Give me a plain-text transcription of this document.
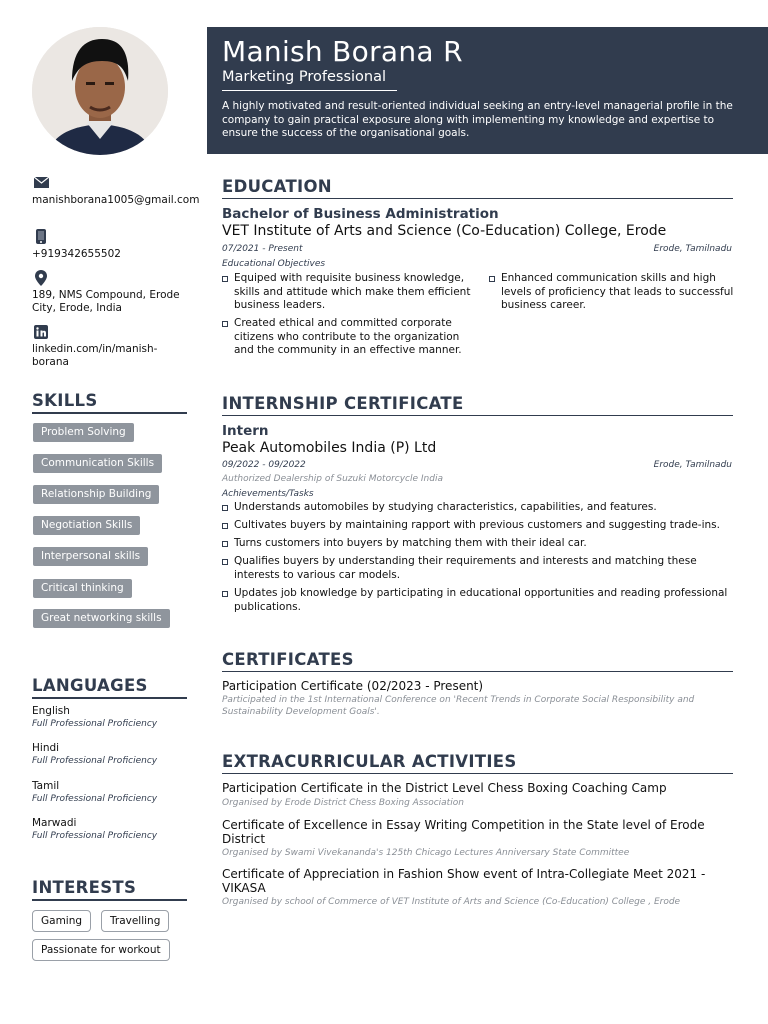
Manish Borana R
Marketing Professional
A highly motivated and result-oriented individual seeking an entry-level managerial profile in the company to gain practical exposure along with implementing my knowledge and expertise to ensure the success of the organisational goals.
manishborana1005@gmail.com
+919342655502
189, NMS Compound, Erode City, Erode, India
linkedin.com/in/manish-borana
SKILLS
Problem Solving
Communication Skills
Relationship Building
Negotiation Skills
Interpersonal skills
Critical thinking
Great networking skills
LANGUAGES
English
Full Professional Proficiency
Hindi
Full Professional Proficiency
Tamil
Full Professional Proficiency
Marwadi
Full Professional Proficiency
INTERESTS
Gaming	Travelling
Passionate for workout
EDUCATION
Bachelor of Business Administration
VET Institute of Arts and Science (Co-Education) College, Erode
07/2021 - Present	Erode, Tamilnadu
Educational Objectives
Equiped with requisite business knowledge, skills and attitude which make them efficient business leaders.
Created ethical and committed corporate citizens who contribute to the organization and the community in an effective manner.
Enhanced communication skills and high levels of proficiency that leads to successful business career.
INTERNSHIP CERTIFICATE
Intern
Peak Automobiles India (P) Ltd
09/2022 - 09/2022	Erode, Tamilnadu
Authorized Dealership of Suzuki Motorcycle India
Achievements/Tasks
Understands automobiles by studying characteristics, capabilities, and features.
Cultivates buyers by maintaining rapport with previous customers and suggesting trade-ins.
Turns customers into buyers by matching them with their ideal car.
Qualifies buyers by understanding their requirements and interests and matching these interests to various car models.
Updates job knowledge by participating in educational opportunities and reading professional publications.
CERTIFICATES
Participation Certificate (02/2023 - Present)
Participated in the 1st International Conference on 'Recent Trends in Corporate Social Responsibility and Sustainability Development Goals'.
EXTRACURRICULAR ACTIVITIES
Participation Certificate in the District Level Chess Boxing Coaching Camp
Organised by Erode District Chess Boxing Association
Certificate of Excellence in Essay Writing Competition in the State level of Erode District
Organised by Swami Vivekananda's 125th Chicago Lectures Anniversary State Committee
Certificate of Appreciation in Fashion Show event of Intra-Collegiate Meet 2021 - VIKASA
Organised by school of Commerce of VET Institute of Arts and Science (Co-Education) College , Erode
